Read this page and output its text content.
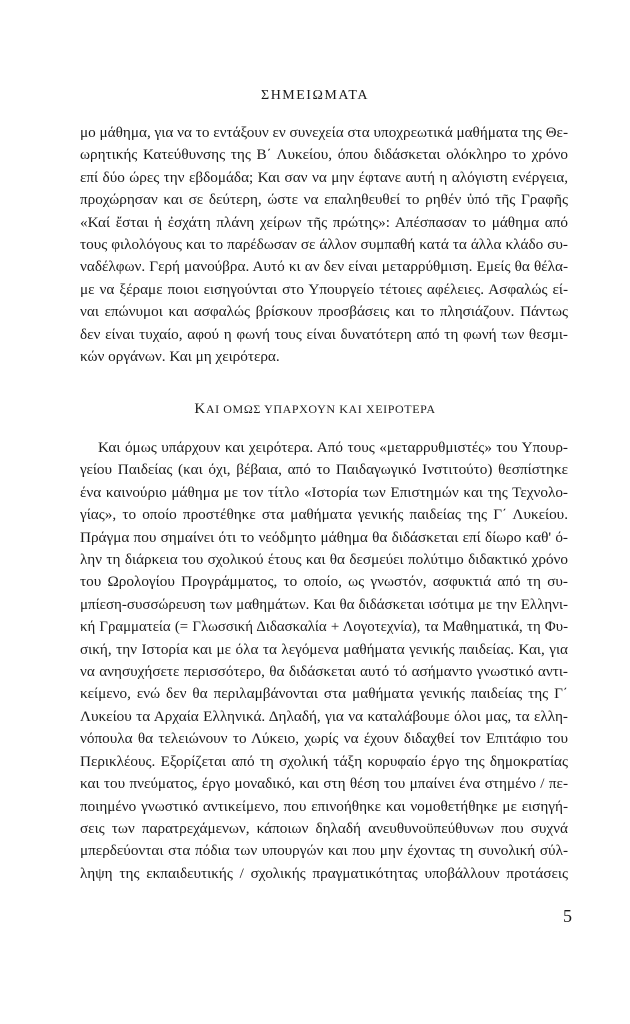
ΣΗΜΕΙΩΜΑΤΑ
μο μάθημα, για να το εντάξουν εν συνεχεία στα υποχρεωτικά μαθήματα της Θε-
ωρητικής Κατεύθυνσης της Β΄ Λυκείου, όπου διδάσκεται ολόκληρο το χρόνο
επί δύο ώρες την εβδομάδα; Και σαν να μην έφτανε αυτή η αλόγιστη ενέργεια,
προχώρησαν και σε δεύτερη, ώστε να επαληθευθεί το ρηθέν ὑπό τῆς Γραφῆς
«Καί ἔσται ἡ ἐσχάτη πλάνη χείρων τῆς πρώτης»: Απέσπασαν το μάθημα από
τους φιλολόγους και το παρέδωσαν σε άλλον συμπαθή κατά τα άλλα κλάδο συ-
ναδέλφων. Γερή μανούβρα. Αυτό κι αν δεν είναι μεταρρύθμιση. Εμείς θα θέλα-
με να ξέραμε ποιοι εισηγούνται στο Υπουργείο τέτοιες αφέλειες. Ασφαλώς εί-
ναι επώνυμοι και ασφαλώς βρίσκουν προσβάσεις και το πλησιάζουν. Πάντως
δεν είναι τυχαίο, αφού η φωνή τους είναι δυνατότερη από τη φωνή των θεσμι-
κών οργάνων. Και μη χειρότερα.
ΚΑΙ ΟΜΩΣ ΥΠΑΡΧΟΥΝ ΚΑΙ ΧΕΙΡΟΤΕΡΑ
Και όμως υπάρχουν και χειρότερα. Από τους «μεταρρυθμιστές» του Υπουρ-
γείου Παιδείας (και όχι, βέβαια, από το Παιδαγωγικό Ινστιτούτο) θεσπίστηκε
ένα καινούριο μάθημα με τον τίτλο «Ιστορία των Επιστημών και της Τεχνολο-
γίας», το οποίο προστέθηκε στα μαθήματα γενικής παιδείας της Γ΄ Λυκείου.
Πράγμα που σημαίνει ότι το νεόδμητο μάθημα θα διδάσκεται επί δίωρο καθ' ό-
λην τη διάρκεια του σχολικού έτους και θα δεσμεύει πολύτιμο διδακτικό χρόνο
του Ωρολογίου Προγράμματος, το οποίο, ως γνωστόν, ασφυκτιά από τη συ-
μπίεση-συσσώρευση των μαθημάτων. Και θα διδάσκεται ισότιμα με την Ελληνι-
κή Γραμματεία (= Γλωσσική Διδασκαλία + Λογοτεχνία), τα Μαθηματικά, τη Φυ-
σική, την Ιστορία και με όλα τα λεγόμενα μαθήματα γενικής παιδείας. Και, για
να ανησυχήσετε περισσότερο, θα διδάσκεται αυτό τό ασήμαντο γνωστικό αντι-
κείμενο, ενώ δεν θα περιλαμβάνονται στα μαθήματα γενικής παιδείας της Γ΄
Λυκείου τα Αρχαία Ελληνικά. Δηλαδή, για να καταλάβουμε όλοι μας, τα ελλη-
νόπουλα θα τελειώνουν το Λύκειο, χωρίς να έχουν διδαχθεί τον Επιτάφιο του
Περικλέους. Εξορίζεται από τη σχολική τάξη κορυφαίο έργο της δημοκρατίας
και του πνεύματος, έργο μοναδικό, και στη θέση του μπαίνει ένα στημένο / πε-
ποιημένο γνωστικό αντικείμενο, που επινοήθηκε και νομοθετήθηκε με εισηγή-
σεις των παρατρεχάμενων, κάποιων δηλαδή ανευθυνοϋπεύθυνων που συχνά
μπερδεύονται στα πόδια των υπουργών και που μην έχοντας τη συνολική σύλ-
ληψη της εκπαιδευτικής / σχολικής πραγματικότητας υποβάλλουν προτάσεις
5
